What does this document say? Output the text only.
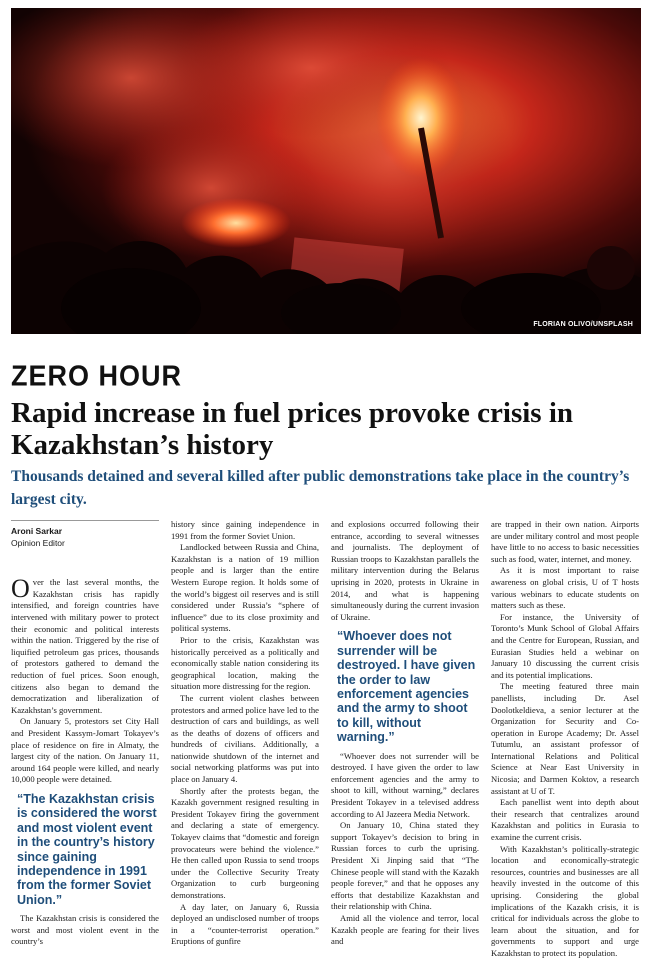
FLORIAN OLIVO/UNSPLASH
ZERO HOUR
Rapid increase in fuel prices provoke crisis in Kazakhstan’s history
Thousands detained and several killed after public demonstrations take place in the country’s largest city.
Aroni Sarkar
Opinion Editor

Over the last several months, the Kazakhstan crisis has rapidly intensified, and foreign countries have intervened with military power to protect their economic and political interests within the nation. Triggered by the rise of liquified petroleum gas prices, thousands of protestors gathered to demand the reduction of fuel prices. Soon enough, citizens also began to demand the democratization and liberalization of Kazakhstan’s government.

On January 5, protestors set City Hall and President Kassym-Jomart Tokayev’s place of residence on fire in Almaty, the largest city of the nation. On January 11, around 164 people were killed, and nearly 10,000 people were detained.

“The Kazakhstan crisis is considered the worst and most violent event in the country’s history since gaining independence in 1991 from the former Soviet Union.”

The Kazakhstan crisis is considered the worst and most violent event in the country’s

history since gaining independence in 1991 from the former Soviet Union.

Landlocked between Russia and China, Kazakhstan is a nation of 19 million people and is larger than the entire Western Europe region. It holds some of the world’s biggest oil reserves and is still considered under Russia’s “sphere of influence” due to its close proximity and political systems.

Prior to the crisis, Kazakhstan was historically perceived as a politically and economically stable nation considering its geographical location, making the situation more distressing for the region.

The current violent clashes between protestors and armed police have led to the destruction of cars and buildings, as well as the deaths of dozens of officers and hundreds of civilians. Additionally, a nationwide shutdown of the internet and social networking platforms was put into place on January 4.

Shortly after the protests began, the Kazakh government resigned resulting in President Tokayev firing the government and declaring a state of emergency. Tokayev claims that “domestic and foreign provocateurs were behind the violence.” He then called upon Russia to send troops under the Collective Security Treaty Organization to curb burgeoning demonstrations.

A day later, on January 6, Russia deployed an undisclosed number of troops in a “counter-terrorist operation.” Eruptions of gunfire

and explosions occurred following their entrance, according to several witnesses and journalists. The deployment of Russian troops to Kazakhstan parallels the military intervention during the Belarus uprising in 2020, protests in Ukraine in 2014, and what is happening simultaneously during the current invasion of Ukraine.

“Whoever does not surrender will be destroyed. I have given the order to law enforcement agencies and the army to shoot to kill, without warning.”

“Whoever does not surrender will be destroyed. I have given the order to law enforcement agencies and the army to shoot to kill, without warning,” declares President Tokayev in a televised address according to Al Jazeera Media Network.

On January 10, China stated they support Tokayev’s decision to bring in Russian forces to curb the uprising. President Xi Jinping said that “The Chinese people will stand with the Kazakh people forever,” and that he opposes any efforts that destabilize Kazakhstan and their relationship with China.

Amid all the violence and terror, local Kazakh people are fearing for their lives and

are trapped in their own nation. Airports are under military control and most people have little to no access to basic necessities such as food, water, internet, and money.

As it is most important to raise awareness on global crisis, U of T hosts various webinars to educate students on matters such as these.

For instance, the University of Toronto’s Munk School of Global Affairs and the Centre for European, Russian, and Eurasian Studies held a webinar on January 10 discussing the current crisis and its potential implications.

The meeting featured three main panellists, including Dr. Asel Doolotkeldieva, a senior lecturer at the Organization for Security and Co-operation in Europe Academy; Dr. Assel Tutumlu, an assistant professor of International Relations and Political Science at Near East University in Nicosia; and Darmen Koktov, a research assistant at U of T.

Each panellist went into depth about their research that centralizes around Kazakhstan and politics in Eurasia to examine the current crisis.

With Kazakhstan’s politically-strategic location and economically-strategic resources, countries and businesses are all heavily invested in the outcome of this uprising. Considering the global implications of the Kazakh crisis, it is critical for individuals across the globe to learn about the situation, and for governments to support and urge Kazakhstan to protect its population.
